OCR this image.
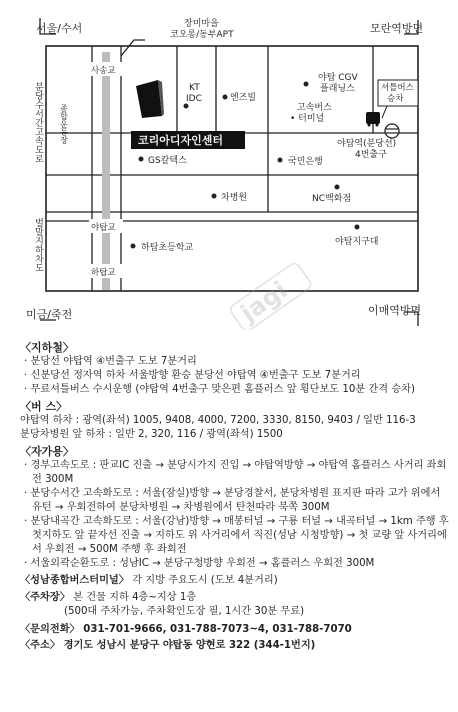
서울/수서	모란역방면
미금/죽전	이매역방면
분당수서간고속도로 종합운동장
벌말지하차도
사송교
야탑교
하탑교
코리아디자인센터
장미마을 코오롱/동부APT
KT IDC	엔즈빌
야탑 CGV 플래닝스
고속버스 • 터미널
셔틀버스 승차
야탑역(분당선) 4번출구
GS칼텍스	국민은행
차병원	NC백화점
하탑초등학교
야탑지구대
jagi
〈지하철〉
· 분당선 야탑역 ④번출구 도보 7분거리
· 신분당선 정자역 하차 서울방향 환승 분당선 야탑역 ④번출구 도보 7분거리
· 무료셔틀버스 수시운행 (야탑역 4번출구 맞은편 홈플러스 앞 횡단보도 10분 간격 승차)
〈버 스〉
야탑역 하차 : 광역(좌석) 1005, 9408, 4000, 7200, 3330, 8150, 9403 / 일반 116-3
분당차병원 앞 하차 : 일반 2, 320, 116 / 광역(좌석) 1500
〈자가용〉
· 경부고속도로 : 판교IC 진출 → 분당시가지 진입 → 야탑역방향 → 야탑역 홈플러스 사거리 좌회전 300M
· 분당수서간 고속화도로 : 서울(잠실)방향 → 분당경찰서, 분당차병원 표지판 따라 고가 위에서 유턴 → 우회전하여 분당차병원 → 차병원에서 탄천따라 북쪽 300M
· 분당내곡간 고속화도로 : 서울(강남)방향 → 매봉터널 → 구룡 터널 → 내곡터널 → 1km 주행 후 첫지하도 앞 끝자선 진출 → 지하도 위 사거리에서 직진(성남 시청방향) → 첫 교량 앞 사거리에서 우회전 → 500M 주행 후 좌회전
· 서울외곽순환도로 : 성남IC → 분당구청방향 우회전 → 홈플러스 우회전 300M
〈성남종합버스터미널〉 각 지방 주요도시 (도보 4분거리)
〈주차장〉 본 건물 지하 4층~지상 1층
(500대 주차가능, 주차확인도장 필, 1시간 30분 무료)
〈문의전화〉 031-701-9666, 031-788-7073~4, 031-788-7070
〈주소〉 경기도 성남시 분당구 야탑동 양현로 322 (344-1번지)
